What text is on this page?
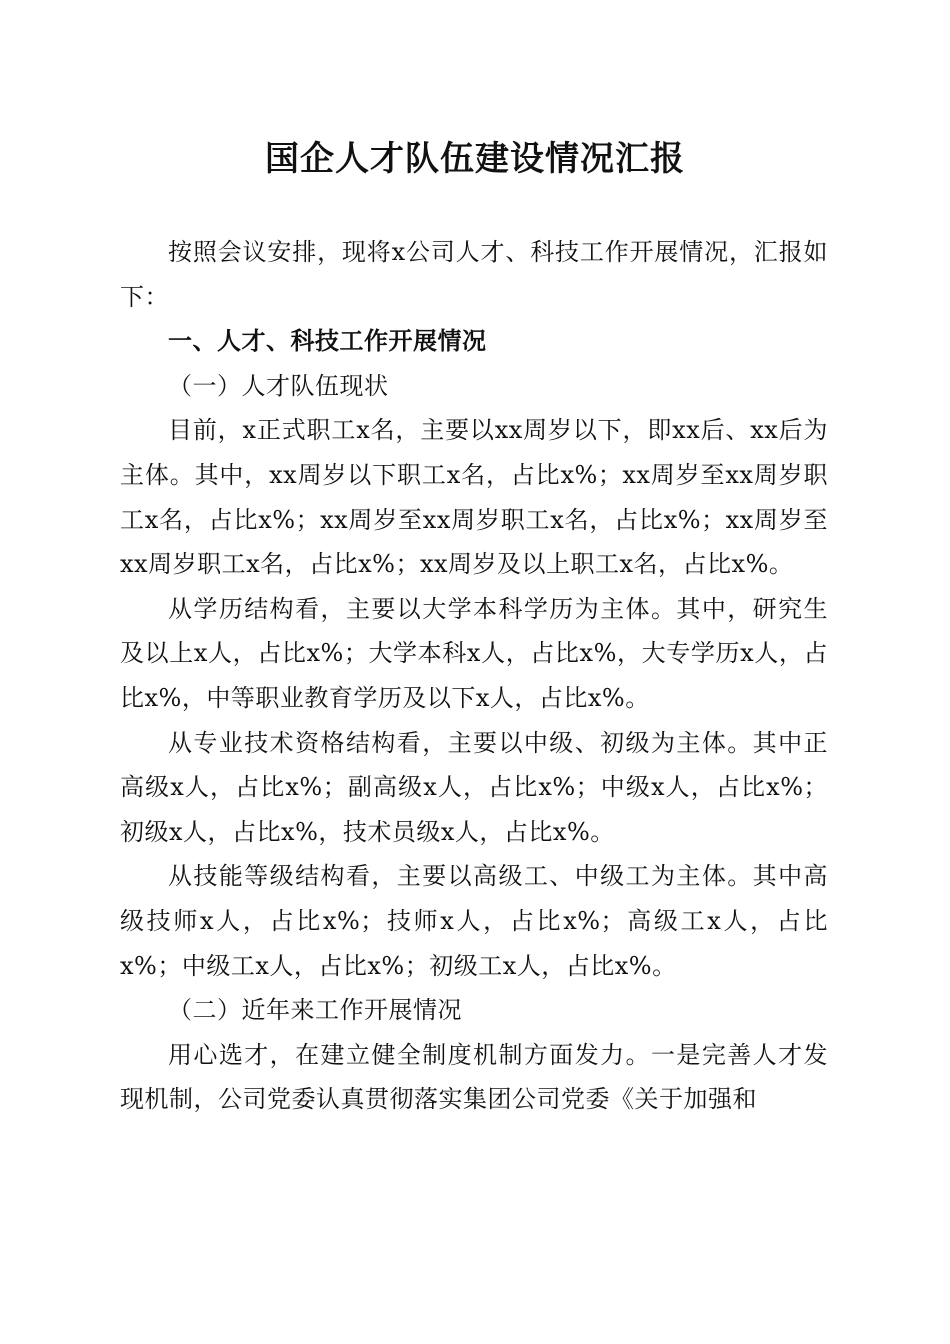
国企人才队伍建设情况汇报

按照会议安排，现将x公司人才、科技工作开展情况，汇报如下：

一、人才、科技工作开展情况

（一）人才队伍现状

目前，x正式职工x名，主要以xx周岁以下，即xx后、xx后为主体。其中，xx周岁以下职工x名，占比x%；xx周岁至xx周岁职工x名，占比x%；xx周岁至xx周岁职工x名，占比x%；xx周岁至xx周岁职工x名，占比x%；xx周岁及以上职工x名，占比x%。

从学历结构看，主要以大学本科学历为主体。其中，研究生及以上x人，占比x%；大学本科x人，占比x%，大专学历x人，占比x%，中等职业教育学历及以下x人，占比x%。

从专业技术资格结构看，主要以中级、初级为主体。其中正高级x人，占比x%；副高级x人，占比x%；中级x人，占比x%；初级x人，占比x%，技术员级x人，占比x%。

从技能等级结构看，主要以高级工、中级工为主体。其中高级技师x人，占比x%；技师x人，占比x%；高级工x人，占比x%；中级工x人，占比x%；初级工x人，占比x%。

（二）近年来工作开展情况

用心选才，在建立健全制度机制方面发力。一是完善人才发现机制，公司党委认真贯彻落实集团公司党委《关于加强和
